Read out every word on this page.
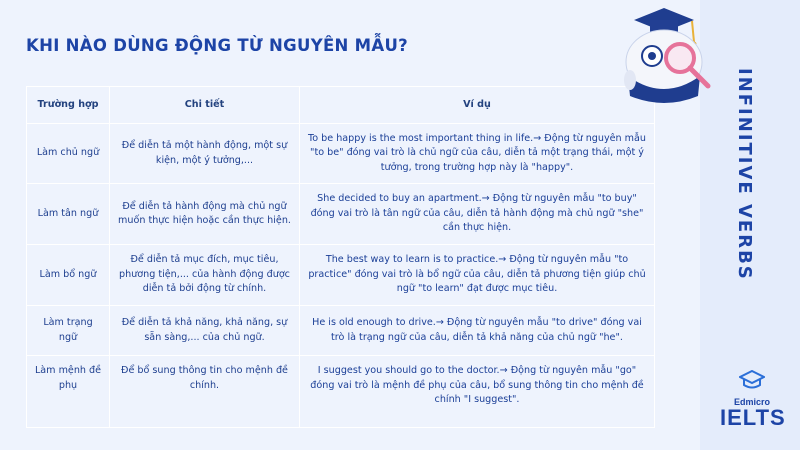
KHI NÀO DÙNG ĐỘNG TỪ NGUYÊN MẪU?
Trường hợp	Chi tiết	Ví dụ
Làm chủ ngữ	Để diễn tả một hành động, một sự kiện, một ý tưởng,...	To be happy is the most important thing in life.→ Động từ nguyên mẫu "to be" đóng vai trò là chủ ngữ của câu, diễn tả một trạng thái, một ý tưởng, trong trường hợp này là "happy".
Làm tân ngữ	Để diễn tả hành động mà chủ ngữ muốn thực hiện hoặc cần thực hiện.	She decided to buy an apartment.→ Động từ nguyên mẫu "to buy" đóng vai trò là tân ngữ của câu, diễn tả hành động mà chủ ngữ "she" cần thực hiện.
Làm bổ ngữ	Để diễn tả mục đích, mục tiêu, phương tiện,... của hành động được diễn tả bởi động từ chính.	The best way to learn is to practice.→ Động từ nguyên mẫu "to practice" đóng vai trò là bổ ngữ của câu, diễn tả phương tiện giúp chủ ngữ "to learn" đạt được mục tiêu.
Làm trạng ngữ	Để diễn tả khả năng, khả năng, sự sẵn sàng,... của chủ ngữ.	He is old enough to drive.→ Động từ nguyên mẫu "to drive" đóng vai trò là trạng ngữ của câu, diễn tả khả năng của chủ ngữ "he".
Làm mệnh đề phụ	Để bổ sung thông tin cho mệnh đề chính.	I suggest you should go to the doctor.→ Động từ nguyên mẫu "go" đóng vai trò là mệnh đề phụ của câu, bổ sung thông tin cho mệnh đề chính "I suggest".
INFINITIVE VERBS
Edmicro
IELTS
